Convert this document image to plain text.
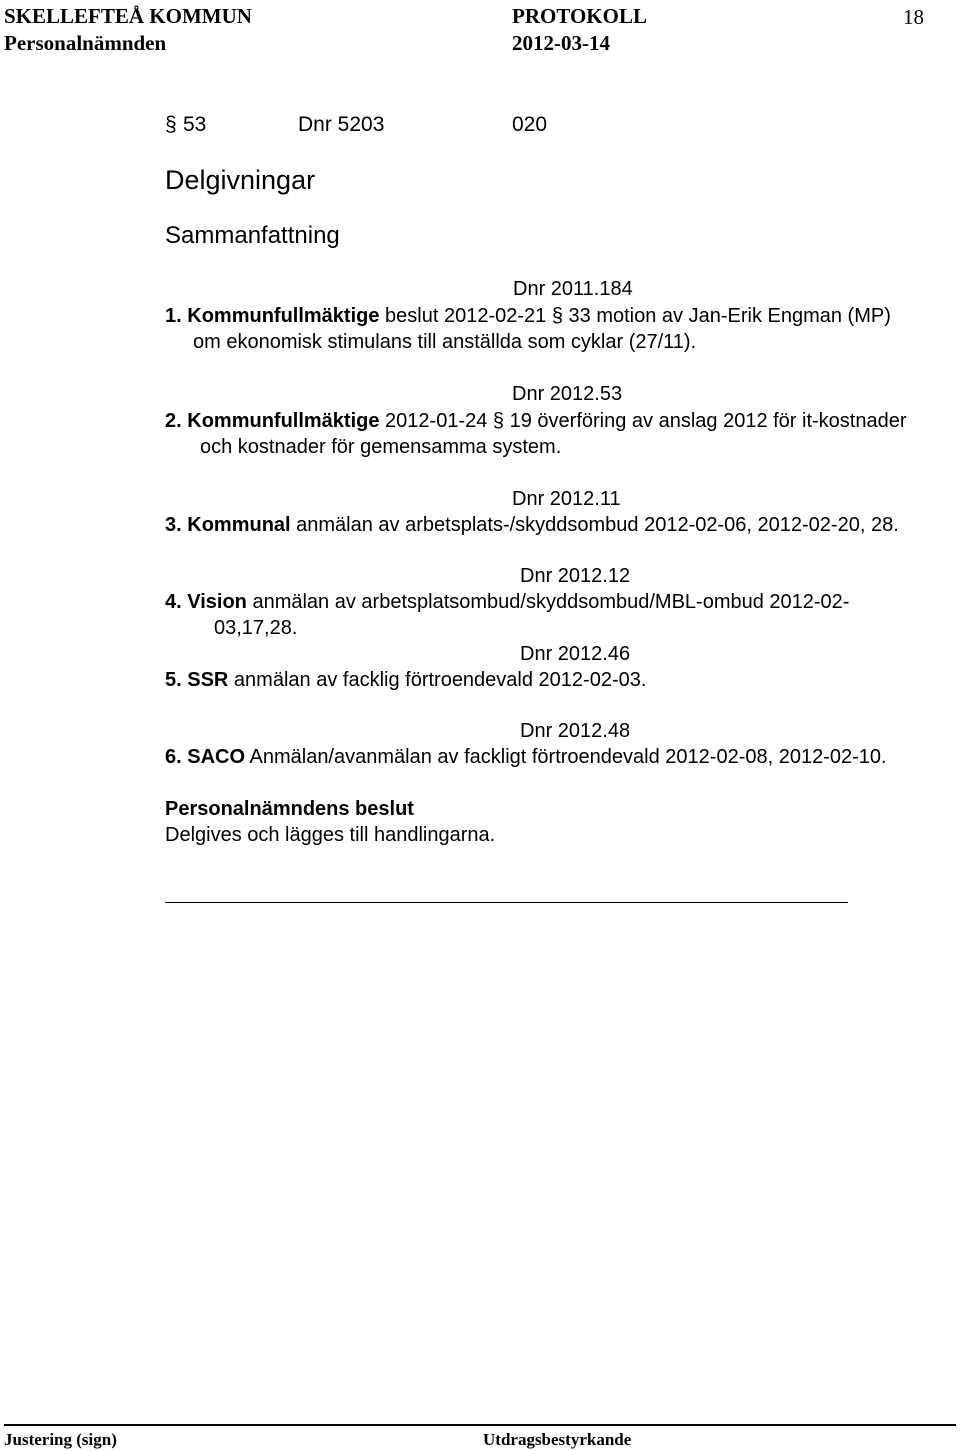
SKELLEFTEÅ KOMMUN	PROTOKOLL	18
Personalnämnden	2012-03-14
§ 53	Dnr 5203	020
Delgivningar
Sammanfattning
Dnr 2011.184
1. Kommunfullmäktige beslut 2012-02-21 § 33 motion av Jan-Erik Engman (MP)
om ekonomisk stimulans till anställda som cyklar (27/11).
Dnr 2012.53
2. Kommunfullmäktige 2012-01-24 § 19 överföring av anslag 2012 för it-kostnader
och kostnader för gemensamma system.
Dnr 2012.11
3. Kommunal anmälan av arbetsplats-/skyddsombud 2012-02-06, 2012-02-20, 28.
Dnr 2012.12
4. Vision anmälan av arbetsplatsombud/skyddsombud/MBL-ombud 2012-02-
03,17,28.
Dnr 2012.46
5. SSR anmälan av facklig förtroendevald 2012-02-03.
Dnr 2012.48
6. SACO Anmälan/avanmälan av fackligt förtroendevald 2012-02-08, 2012-02-10.
Personalnämndens beslut
Delgives och lägges till handlingarna.
Justering (sign)	Utdragsbestyrkande
